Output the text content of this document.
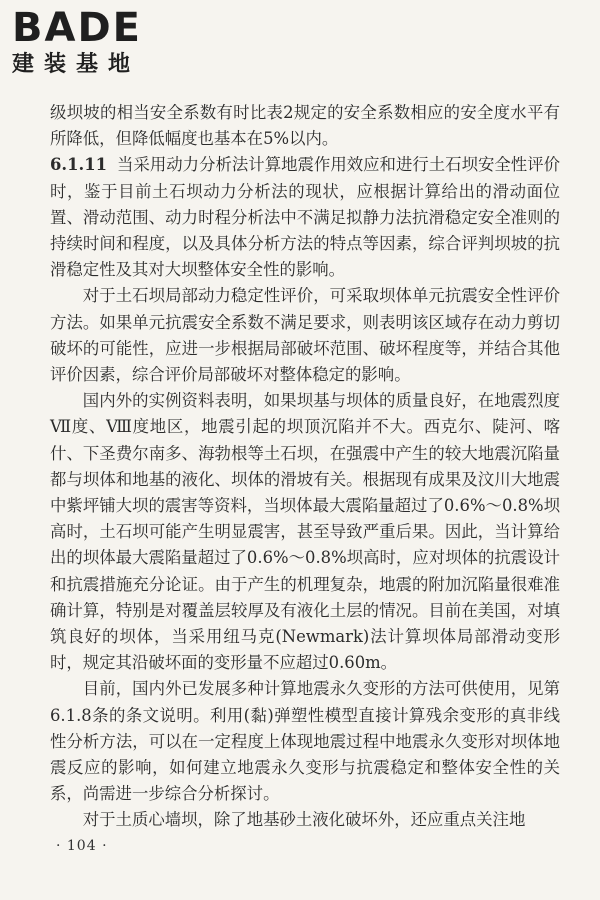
BADE
建装基地

级坝坡的相当安全系数有时比表2规定的安全系数相应的安全度水平有所降低，但降低幅度也基本在5%以内。

6.1.11 当采用动力分析法计算地震作用效应和进行土石坝安全性评价时，鉴于目前土石坝动力分析法的现状，应根据计算给出的滑动面位置、滑动范围、动力时程分析法中不满足拟静力法抗滑稳定安全准则的持续时间和程度，以及具体分析方法的特点等因素，综合评判坝坡的抗滑稳定性及其对大坝整体安全性的影响。

对于土石坝局部动力稳定性评价，可采取坝体单元抗震安全性评价方法。如果单元抗震安全系数不满足要求，则表明该区域存在动力剪切破坏的可能性，应进一步根据局部破坏范围、破坏程度等，并结合其他评价因素，综合评价局部破坏对整体稳定的影响。

国内外的实例资料表明，如果坝基与坝体的质量良好，在地震烈度Ⅶ度、Ⅷ度地区，地震引起的坝顶沉陷并不大。西克尔、陡河、喀什、下圣费尔南多、海勃根等土石坝，在强震中产生的较大地震沉陷量都与坝体和地基的液化、坝体的滑坡有关。根据现有成果及汶川大地震中紫坪铺大坝的震害等资料，当坝体最大震陷量超过了0.6%～0.8%坝高时，土石坝可能产生明显震害，甚至导致严重后果。因此，当计算给出的坝体最大震陷量超过了0.6%～0.8%坝高时，应对坝体的抗震设计和抗震措施充分论证。由于产生的机理复杂，地震的附加沉陷量很难准确计算，特别是对覆盖层较厚及有液化土层的情况。目前在美国，对填筑良好的坝体，当采用纽马克(Newmark)法计算坝体局部滑动变形时，规定其沿破坏面的变形量不应超过0.60m。

目前，国内外已发展多种计算地震永久变形的方法可供使用，见第6.1.8条的条文说明。利用(黏)弹塑性模型直接计算残余变形的真非线性分析方法，可以在一定程度上体现地震过程中地震永久变形对坝体地震反应的影响，如何建立地震永久变形与抗震稳定和整体安全性的关系，尚需进一步综合分析探讨。

对于土质心墙坝，除了地基砂土液化破坏外，还应重点关注地

· 104 ·
